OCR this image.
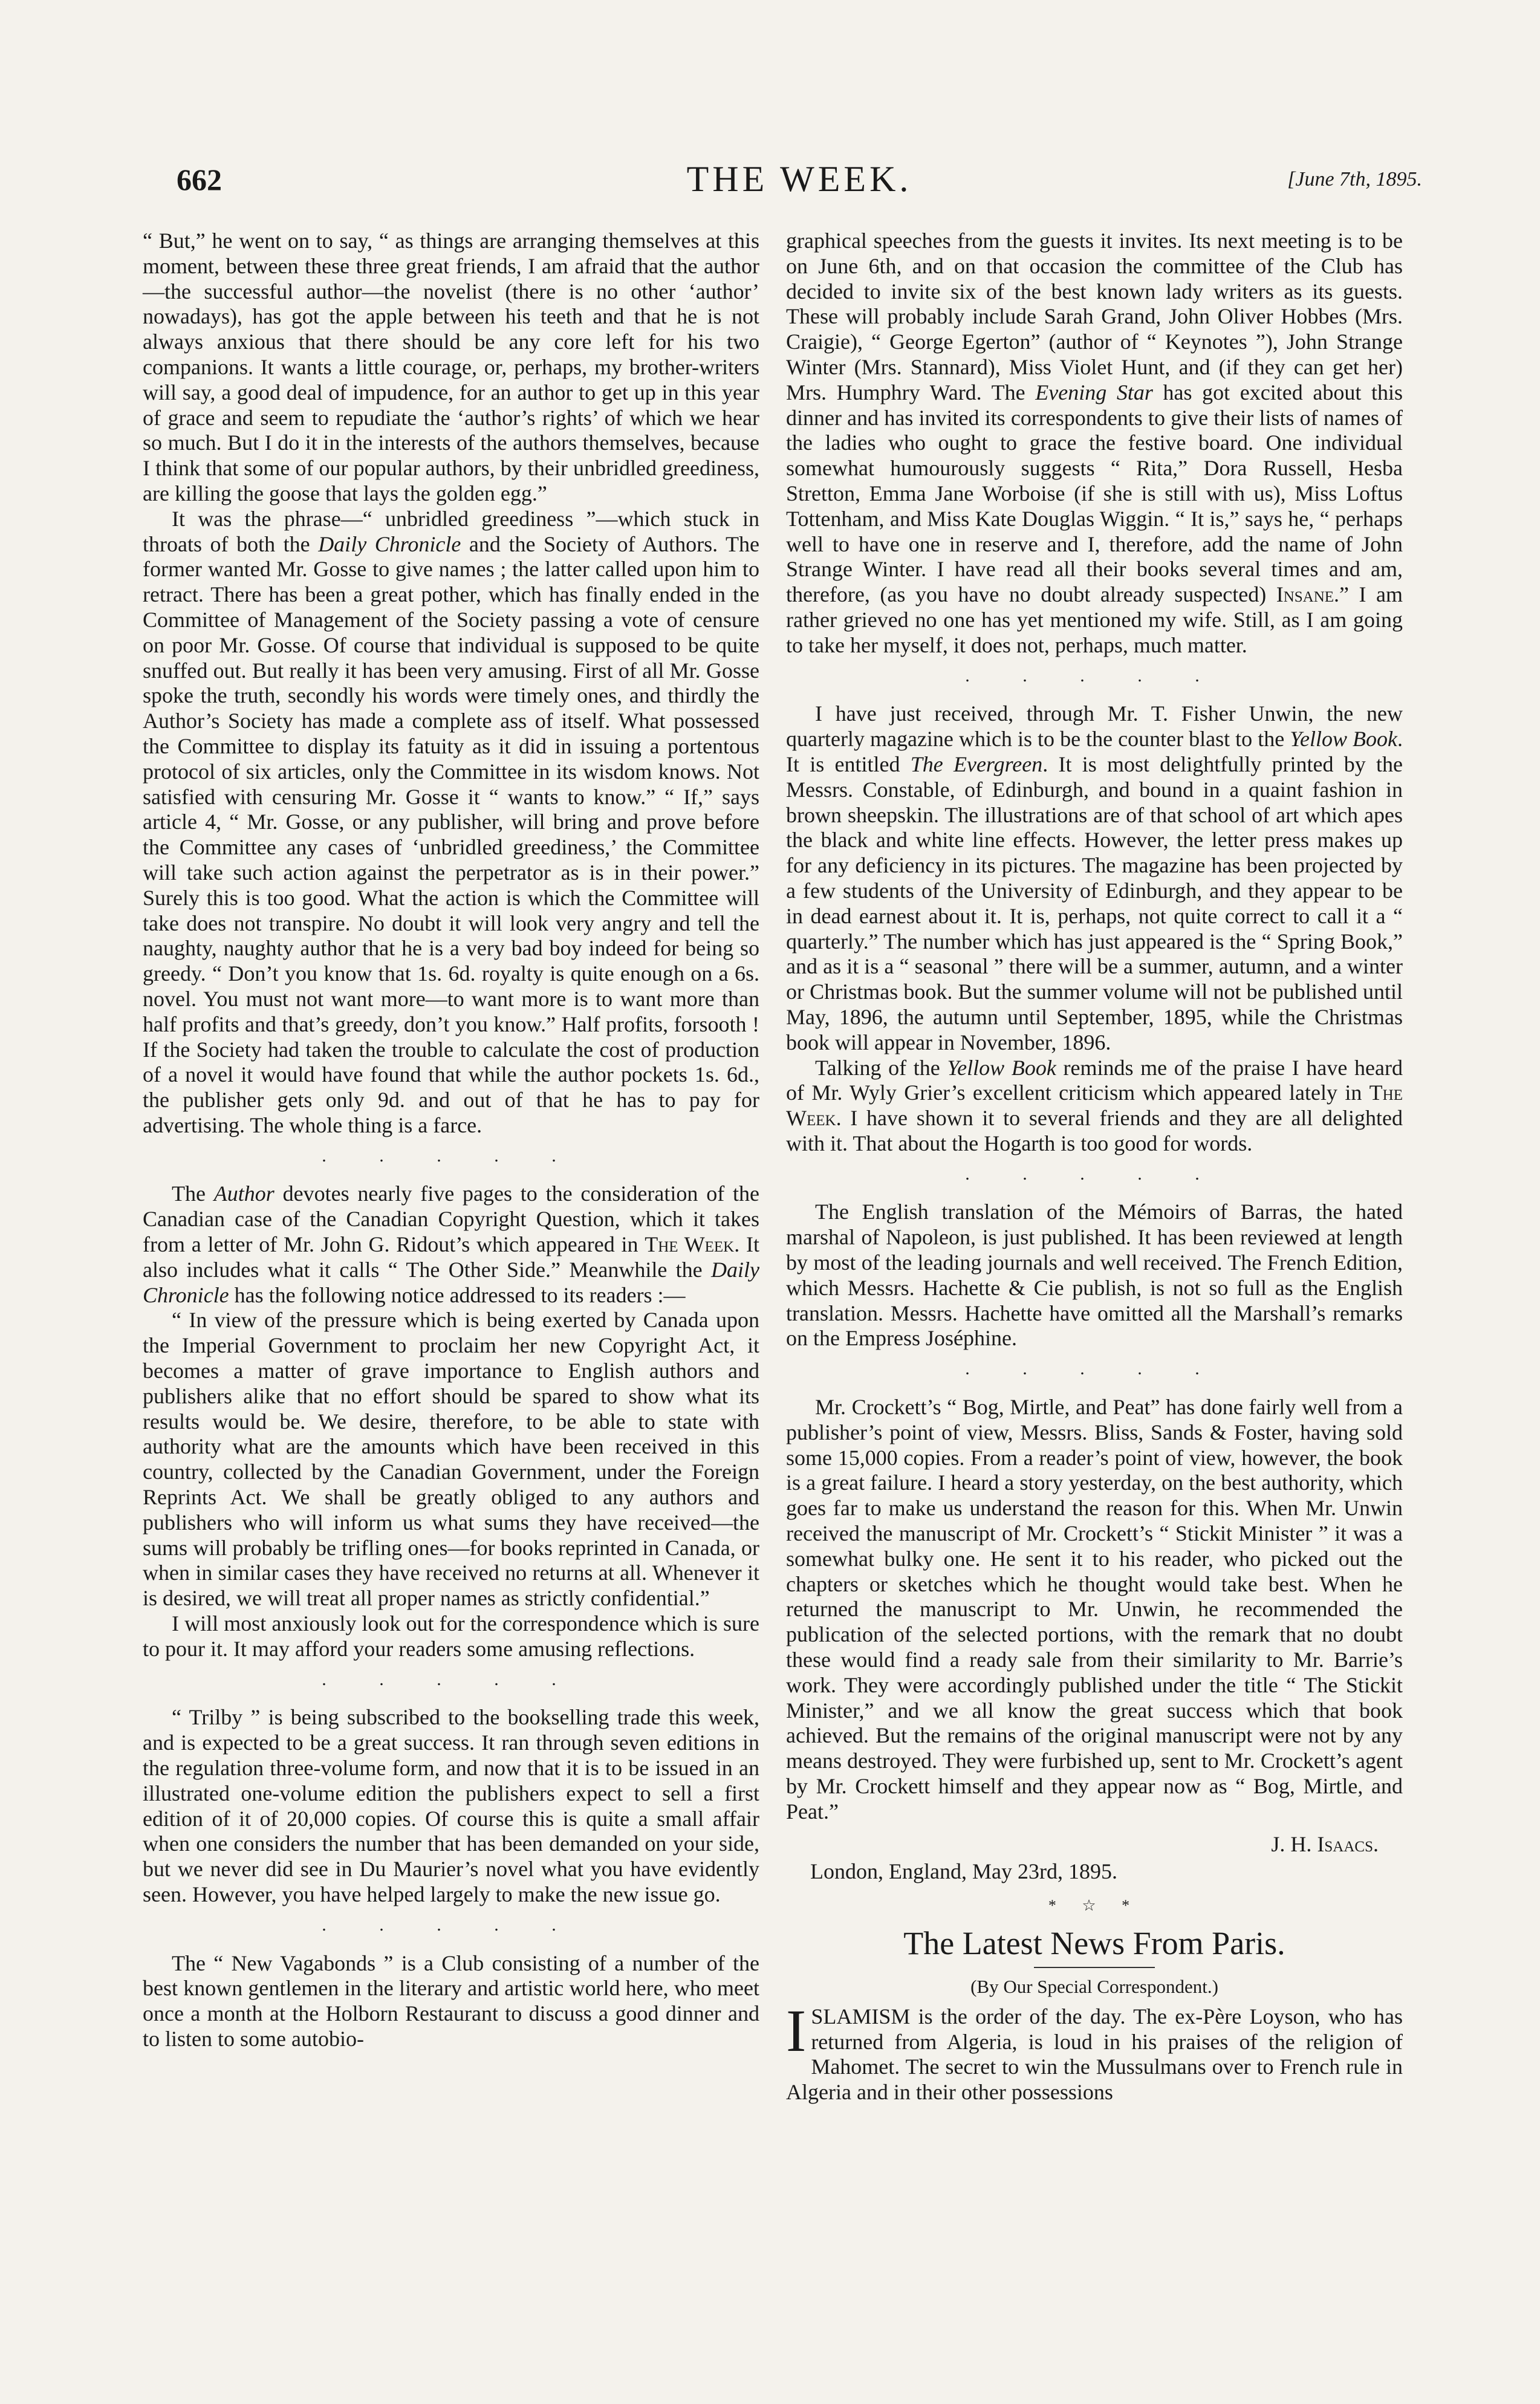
662	THE WEEK.	[June 7th, 1895.

“ But,” he went on to say, “ as things are arranging themselves at this moment, between these three great friends, I am afraid that the author—the successful author—the novelist (there is no other ‘author’ nowadays), has got the apple between his teeth and that he is not always anxious that there should be any core left for his two companions. It wants a little courage, or, perhaps, my brother-writers will say, a good deal of impudence, for an author to get up in this year of grace and seem to repudiate the ‘author’s rights’ of which we hear so much. But I do it in the interests of the authors themselves, because I think that some of our popular authors, by their unbridled greediness, are killing the goose that lays the golden egg.”

It was the phrase—“ unbridled greediness ”—which stuck in throats of both the Daily Chronicle and the Society of Authors. The former wanted Mr. Gosse to give names ; the latter called upon him to retract. There has been a great pother, which has finally ended in the Committee of Management of the Society passing a vote of censure on poor Mr. Gosse. Of course that individual is supposed to be quite snuffed out. But really it has been very amusing. First of all Mr. Gosse spoke the truth, secondly his words were timely ones, and thirdly the Author’s Society has made a complete ass of itself. What possessed the Committee to display its fatuity as it did in issuing a portentous protocol of six articles, only the Committee in its wisdom knows. Not satisfied with censuring Mr. Gosse it “ wants to know.” “ If,” says article 4, “ Mr. Gosse, or any publisher, will bring and prove before the Committee any cases of ‘unbridled greediness,’ the Committee will take such action against the perpetrator as is in their power.” Surely this is too good. What the action is which the Committee will take does not transpire. No doubt it will look very angry and tell the naughty, naughty author that he is a very bad boy indeed for being so greedy. “ Don’t you know that 1s. 6d. royalty is quite enough on a 6s. novel. You must not want more—to want more is to want more than half profits and that’s greedy, don’t you know.” Half profits, forsooth ! If the Society had taken the trouble to calculate the cost of production of a novel it would have found that while the author pockets 1s. 6d., the publisher gets only 9d. and out of that he has to pay for advertising. The whole thing is a farce.

. . . . .

The Author devotes nearly five pages to the consideration of the Canadian case of the Canadian Copyright Question, which it takes from a letter of Mr. John G. Ridout’s which appeared in The Week. It also includes what it calls “ The Other Side.” Meanwhile the Daily Chronicle has the following notice addressed to its readers :—

“ In view of the pressure which is being exerted by Canada upon the Imperial Government to proclaim her new Copyright Act, it becomes a matter of grave importance to English authors and publishers alike that no effort should be spared to show what its results would be. We desire, therefore, to be able to state with authority what are the amounts which have been received in this country, collected by the Canadian Government, under the Foreign Reprints Act. We shall be greatly obliged to any authors and publishers who will inform us what sums they have received—the sums will probably be trifling ones—for books reprinted in Canada, or when in similar cases they have received no returns at all. Whenever it is desired, we will treat all proper names as strictly confidential.”

I will most anxiously look out for the correspondence which is sure to pour it. It may afford your readers some amusing reflections.

. . . . .

“ Trilby ” is being subscribed to the bookselling trade this week, and is expected to be a great success. It ran through seven editions in the regulation three-volume form, and now that it is to be issued in an illustrated one-volume edition the publishers expect to sell a first edition of it of 20,000 copies. Of course this is quite a small affair when one considers the number that has been demanded on your side, but we never did see in Du Maurier’s novel what you have evidently seen. However, you have helped largely to make the new issue go.

. . . . .

The “ New Vagabonds ” is a Club consisting of a number of the best known gentlemen in the literary and artistic world here, who meet once a month at the Holborn Restaurant to discuss a good dinner and to listen to some autobio-

graphical speeches from the guests it invites. Its next meeting is to be on June 6th, and on that occasion the committee of the Club has decided to invite six of the best known lady writers as its guests. These will probably include Sarah Grand, John Oliver Hobbes (Mrs. Craigie), “ George Egerton” (author of “ Keynotes ”), John Strange Winter (Mrs. Stannard), Miss Violet Hunt, and (if they can get her) Mrs. Humphry Ward. The Evening Star has got excited about this dinner and has invited its correspondents to give their lists of names of the ladies who ought to grace the festive board. One individual somewhat humourously suggests “ Rita,” Dora Russell, Hesba Stretton, Emma Jane Worboise (if she is still with us), Miss Loftus Tottenham, and Miss Kate Douglas Wiggin. “ It is,” says he, “ perhaps well to have one in reserve and I, therefore, add the name of John Strange Winter. I have read all their books several times and am, therefore, (as you have no doubt already suspected) Insane.” I am rather grieved no one has yet mentioned my wife. Still, as I am going to take her myself, it does not, perhaps, much matter.

. . . . .

I have just received, through Mr. T. Fisher Unwin, the new quarterly magazine which is to be the counter blast to the Yellow Book. It is entitled The Evergreen. It is most delightfully printed by the Messrs. Constable, of Edinburgh, and bound in a quaint fashion in brown sheepskin. The illustrations are of that school of art which apes the black and white line effects. However, the letter press makes up for any deficiency in its pictures. The magazine has been projected by a few students of the University of Edinburgh, and they appear to be in dead earnest about it. It is, perhaps, not quite correct to call it a “ quarterly.” The number which has just appeared is the “ Spring Book,” and as it is a “ seasonal ” there will be a summer, autumn, and a winter or Christmas book. But the summer volume will not be published until May, 1896, the autumn until September, 1895, while the Christmas book will appear in November, 1896.

Talking of the Yellow Book reminds me of the praise I have heard of Mr. Wyly Grier’s excellent criticism which appeared lately in The Week. I have shown it to several friends and they are all delighted with it. That about the Hogarth is too good for words.

. . . . .

The English translation of the Mémoirs of Barras, the hated marshal of Napoleon, is just published. It has been reviewed at length by most of the leading journals and well received. The French Edition, which Messrs. Hachette & Cie publish, is not so full as the English translation. Messrs. Hachette have omitted all the Marshall’s remarks on the Empress Joséphine.

. . . . .

Mr. Crockett’s “ Bog, Mirtle, and Peat” has done fairly well from a publisher’s point of view, Messrs. Bliss, Sands & Foster, having sold some 15,000 copies. From a reader’s point of view, however, the book is a great failure. I heard a story yesterday, on the best authority, which goes far to make us understand the reason for this. When Mr. Unwin received the manuscript of Mr. Crockett’s “ Stickit Minister ” it was a somewhat bulky one. He sent it to his reader, who picked out the chapters or sketches which he thought would take best. When he returned the manuscript to Mr. Unwin, he recommended the publication of the selected portions, with the remark that no doubt these would find a ready sale from their similarity to Mr. Barrie’s work. They were accordingly published under the title “ The Stickit Minister,” and we all know the great success which that book achieved. But the remains of the original manuscript were not by any means destroyed. They were furbished up, sent to Mr. Crockett’s agent by Mr. Crockett himself and they appear now as “ Bog, Mirtle, and Peat.”

J. H. Isaacs.
London, England, May 23rd, 1895.
* ☆ *
The Latest News From Paris.
(By Our Special Correspondent.)

ISLAMISM is the order of the day. The ex-Père Loyson, who has returned from Algeria, is loud in his praises of the religion of Mahomet. The secret to win the Mussulmans over to French rule in Algeria and in their other possessions
